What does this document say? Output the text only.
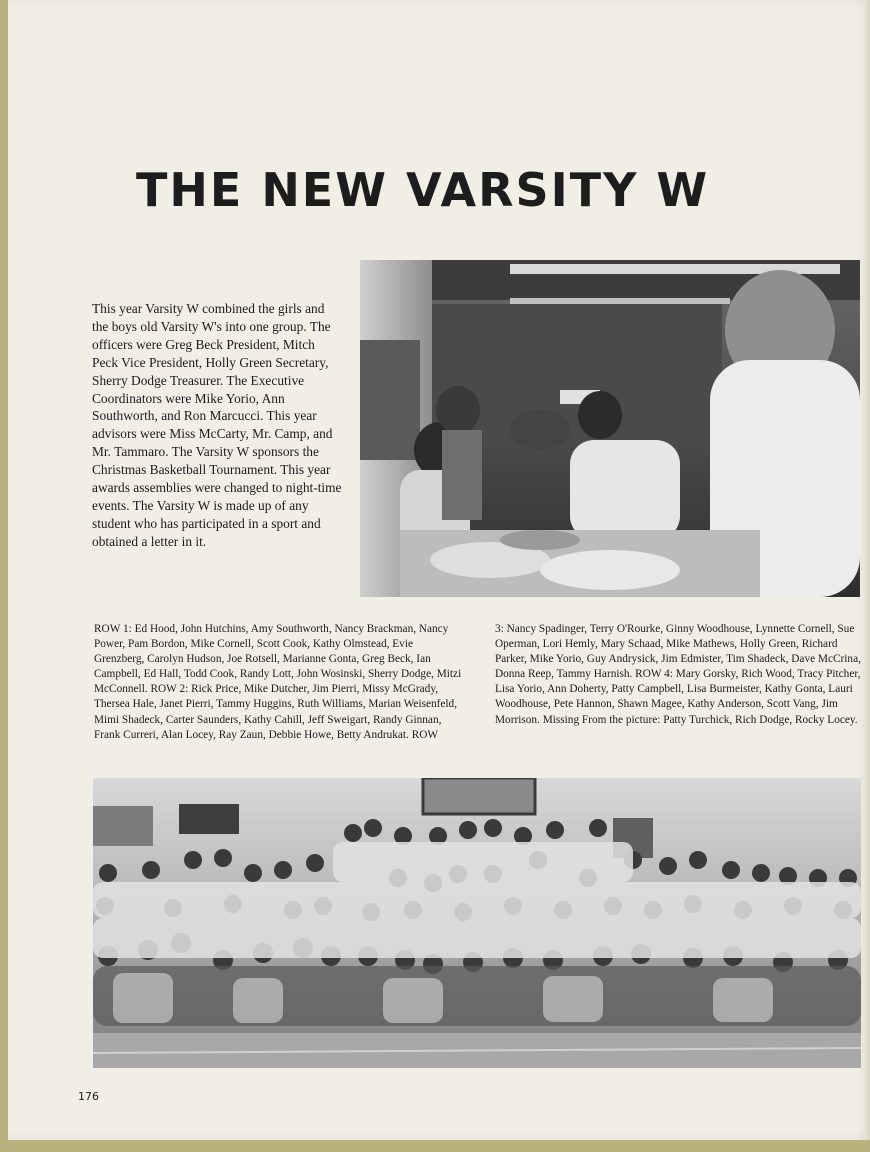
THE NEW VARSITY W

This year Varsity W combined the girls and the boys old Varsity W's into one group. The officers were Greg Beck President, Mitch Peck Vice President, Holly Green Secretary, Sherry Dodge Treasurer. The Executive Coordinators were Mike Yorio, Ann Southworth, and Ron Marcucci. This year advisors were Miss McCarty, Mr. Camp, and Mr. Tammaro. The Varsity W sponsors the Christmas Basketball Tournament. This year awards assemblies were changed to night-time events. The Varsity W is made up of any student who has participated in a sport and obtained a letter in it.

ROW 1: Ed Hood, John Hutchins, Amy Southworth, Nancy Brackman, Nancy Power, Pam Bordon, Mike Cornell, Scott Cook, Kathy Olmstead, Evie Grenzberg, Carolyn Hudson, Joe Rotsell, Marianne Gonta, Greg Beck, Ian Campbell, Ed Hall, Todd Cook, Randy Lott, John Wosinski, Sherry Dodge, Mitzi McConnell. ROW 2: Rick Price, Mike Dutcher, Jim Pierri, Missy McGrady, Thersea Hale, Janet Pierri, Tammy Huggins, Ruth Williams, Marian Weisenfeld, Mimi Shadeck, Carter Saunders, Kathy Cahill, Jeff Sweigart, Randy Ginnan, Frank Curreri, Alan Locey, Ray Zaun, Debbie Howe, Betty Andrukat. ROW

3: Nancy Spadinger, Terry O'Rourke, Ginny Woodhouse, Lynnette Cornell, Sue Operman, Lori Hemly, Mary Schaad, Mike Mathews, Holly Green, Richard Parker, Mike Yorio, Guy Andrysick, Jim Edmister, Tim Shadeck, Dave McCrina, Donna Reep, Tammy Harnish. ROW 4: Mary Gorsky, Rich Wood, Tracy Pitcher, Lisa Yorio, Ann Doherty, Patty Campbell, Lisa Burmeister, Kathy Gonta, Lauri Woodhouse, Pete Hannon, Shawn Magee, Kathy Anderson, Scott Vang, Jim Morrison. Missing From the picture: Patty Turchick, Rich Dodge, Rocky Locey.

176
